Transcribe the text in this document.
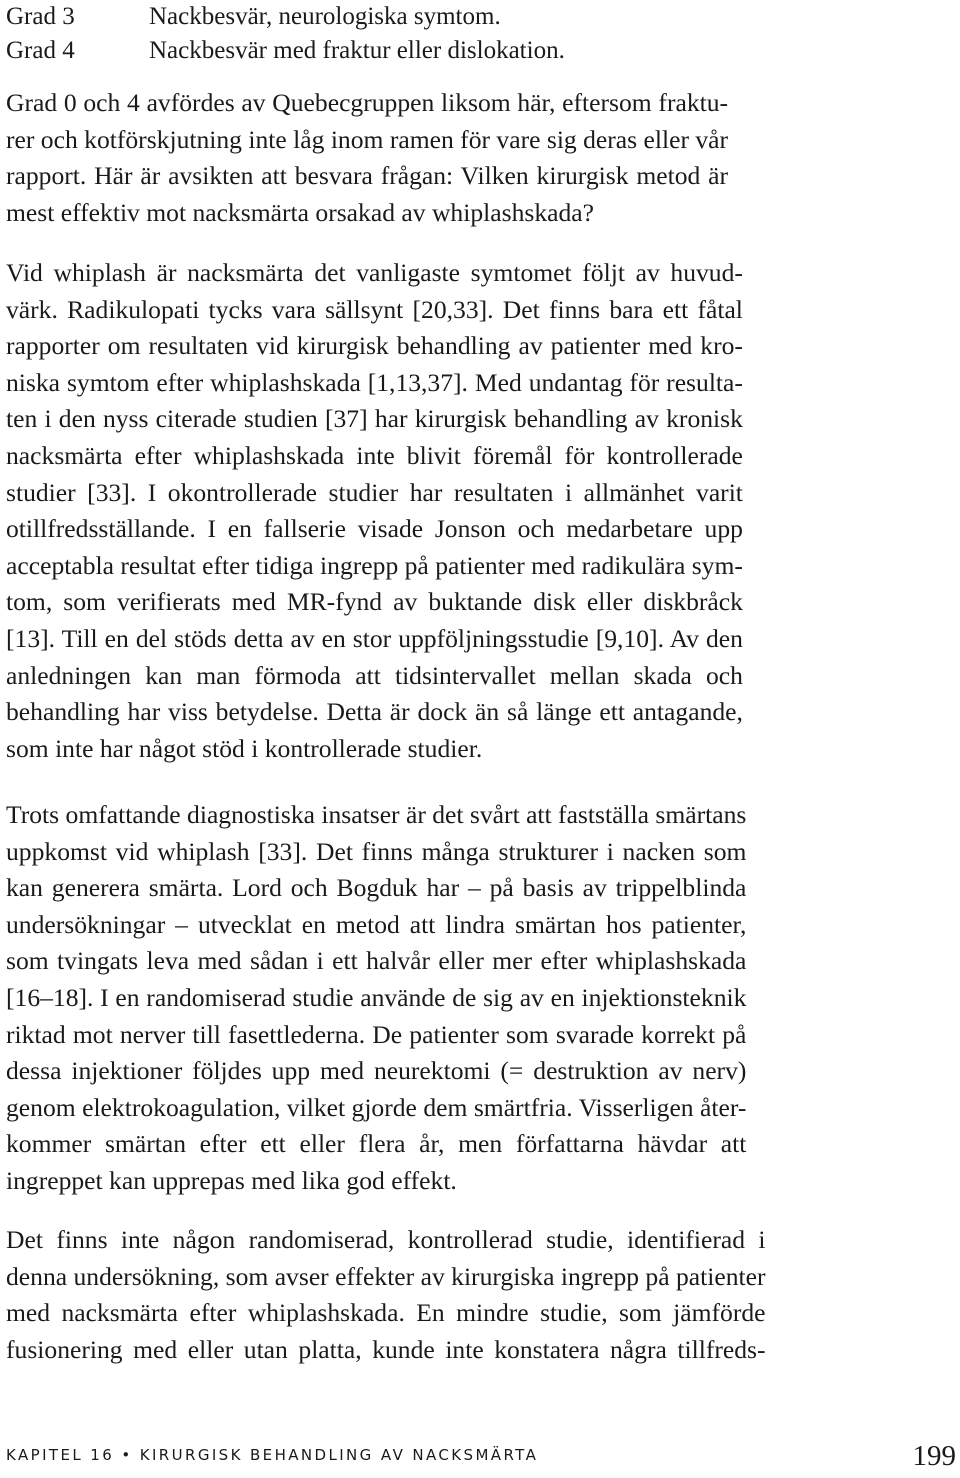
Grad 3	Nackbesvär, neurologiska symtom.
Grad 4	Nackbesvär med fraktur eller dislokation.

Grad 0 och 4 avfördes av Quebecgruppen liksom här, eftersom fraktu-
rer och kotförskjutning inte låg inom ramen för vare sig deras eller vår
rapport. Här är avsikten att besvara frågan: Vilken kirurgisk metod är
mest effektiv mot nacksmärta orsakad av whiplashskada?

Vid whiplash är nacksmärta det vanligaste symtomet följt av huvud-
värk. Radikulopati tycks vara sällsynt [20,33]. Det finns bara ett fåtal
rapporter om resultaten vid kirurgisk behandling av patienter med kro-
niska symtom efter whiplashskada [1,13,37]. Med undantag för resulta-
ten i den nyss citerade studien [37] har kirurgisk behandling av kronisk
nacksmärta efter whiplashskada inte blivit föremål för kontrollerade
studier [33]. I okontrollerade studier har resultaten i allmänhet varit
otillfredsställande. I en fallserie visade Jonson och medarbetare upp
acceptabla resultat efter tidiga ingrepp på patienter med radikulära sym-
tom, som verifierats med MR-fynd av buktande disk eller diskbråck
[13]. Till en del stöds detta av en stor uppföljningsstudie [9,10]. Av den
anledningen kan man förmoda att tidsintervallet mellan skada och
behandling har viss betydelse. Detta är dock än så länge ett antagande,
som inte har något stöd i kontrollerade studier.

Trots omfattande diagnostiska insatser är det svårt att fastställa smärtans
uppkomst vid whiplash [33]. Det finns många strukturer i nacken som
kan generera smärta. Lord och Bogduk har – på basis av trippelblinda
undersökningar – utvecklat en metod att lindra smärtan hos patienter,
som tvingats leva med sådan i ett halvår eller mer efter whiplashskada
[16–18]. I en randomiserad studie använde de sig av en injektionsteknik
riktad mot nerver till fasettlederna. De patienter som svarade korrekt på
dessa injektioner följdes upp med neurektomi (= destruktion av nerv)
genom elektrokoagulation, vilket gjorde dem smärtfria. Visserligen åter-
kommer smärtan efter ett eller flera år, men författarna hävdar att
ingreppet kan upprepas med lika god effekt.

Det finns inte någon randomiserad, kontrollerad studie, identifierad i
denna undersökning, som avser effekter av kirurgiska ingrepp på patienter
med nacksmärta efter whiplashskada. En mindre studie, som jämförde
fusionering med eller utan platta, kunde inte konstatera några tillfreds-

KAPITEL 16 • KIRURGISK BEHANDLING AV NACKSMÄRTA	199
